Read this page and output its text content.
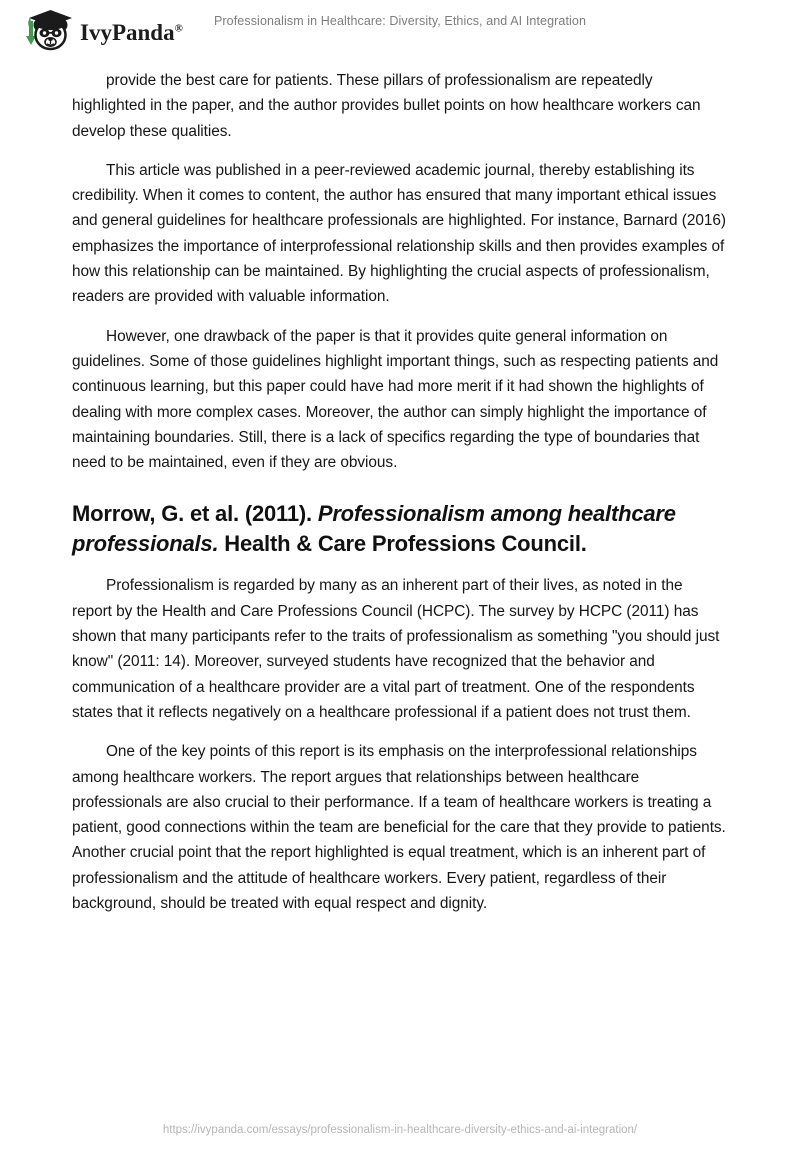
IvyPanda®	Professionalism in Healthcare: Diversity, Ethics, and AI Integration

provide the best care for patients. These pillars of professionalism are repeatedly highlighted in the paper, and the author provides bullet points on how healthcare workers can develop these qualities.

This article was published in a peer-reviewed academic journal, thereby establishing its credibility. When it comes to content, the author has ensured that many important ethical issues and general guidelines for healthcare professionals are highlighted. For instance, Barnard (2016) emphasizes the importance of interprofessional relationship skills and then provides examples of how this relationship can be maintained. By highlighting the crucial aspects of professionalism, readers are provided with valuable information.

However, one drawback of the paper is that it provides quite general information on guidelines. Some of those guidelines highlight important things, such as respecting patients and continuous learning, but this paper could have had more merit if it had shown the highlights of dealing with more complex cases. Moreover, the author can simply highlight the importance of maintaining boundaries. Still, there is a lack of specifics regarding the type of boundaries that need to be maintained, even if they are obvious.

Morrow, G. et al. (2011). Professionalism among healthcare professionals. Health & Care Professions Council.

Professionalism is regarded by many as an inherent part of their lives, as noted in the report by the Health and Care Professions Council (HCPC). The survey by HCPC (2011) has shown that many participants refer to the traits of professionalism as something "you should just know" (2011: 14). Moreover, surveyed students have recognized that the behavior and communication of a healthcare provider are a vital part of treatment. One of the respondents states that it reflects negatively on a healthcare professional if a patient does not trust them.

One of the key points of this report is its emphasis on the interprofessional relationships among healthcare workers. The report argues that relationships between healthcare professionals are also crucial to their performance. If a team of healthcare workers is treating a patient, good connections within the team are beneficial for the care that they provide to patients. Another crucial point that the report highlighted is equal treatment, which is an inherent part of professionalism and the attitude of healthcare workers. Every patient, regardless of their background, should be treated with equal respect and dignity.

https://ivypanda.com/essays/professionalism-in-healthcare-diversity-ethics-and-ai-integration/
